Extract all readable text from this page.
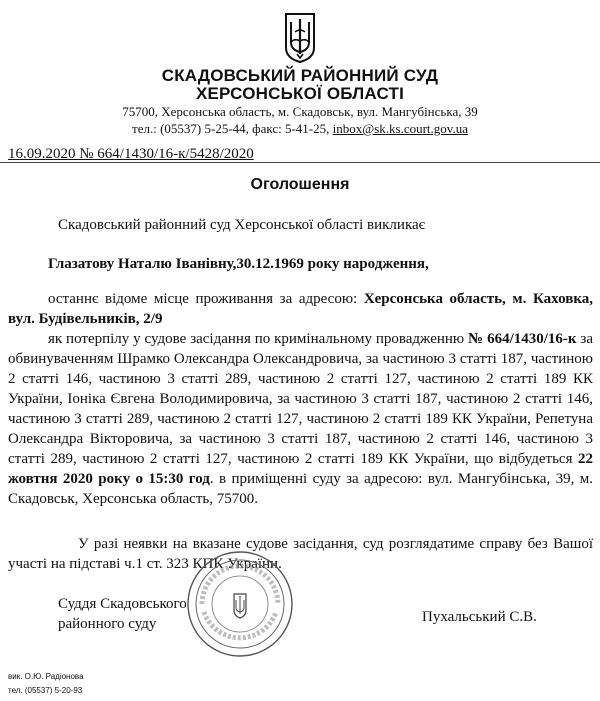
СКАДОВСЬКИЙ РАЙОННИЙ СУД
ХЕРСОНСЬКОЇ ОБЛАСТІ
75700, Херсонська область, м. Скадовськ, вул. Мангубінська, 39
тел.: (05537) 5-25-44, факс: 5-41-25, inbox@sk.ks.court.gov.ua
16.09.2020 № 664/1430/16-к/5428/2020
Оголошення
Скадовський районний суд Херсонської області викликає
Глазатову Наталю Іванівну,30.12.1969 року народження,
останнє відоме місце проживання за адресою: Херсонська область, м. Каховка, вул. Будівельників, 2/9
як потерпілу у судове засідання по кримінальному провадженню № 664/1430/16-к за обвинуваченням Шрамко Олександра Олександровича, за частиною 3 статті 187, частиною 2 статті 146, частиною 3 статті 289, частиною 2 статті 127, частиною 2 статті 189 КК України, Іоніка Євгена Володимировича, за частиною 3 статті 187, частиною 2 статті 146, частиною 3 статті 289, частиною 2 статті 127, частиною 2 статті 189 КК України, Репетуна Олександра Вікторовича, за частиною 3 статті 187, частиною 2 статті 146, частиною 3 статті 289, частиною 2 статті 127, частиною 2 статті 189 КК України, що відбудеться 22 жовтня 2020 року о 15:30 год. в приміщенні суду за адресою: вул. Мангубінська, 39, м. Скадовськ, Херсонська область, 75700.
У разі неявки на вказане судове засідання, суд розглядатиме справу без Вашої участі на підставі ч.1 ст. 323 КПК України.
Суддя Скадовського
районного суду	Пухальський С.В.
вик. О.Ю. Радіонова
тел. (05537) 5-20-93
